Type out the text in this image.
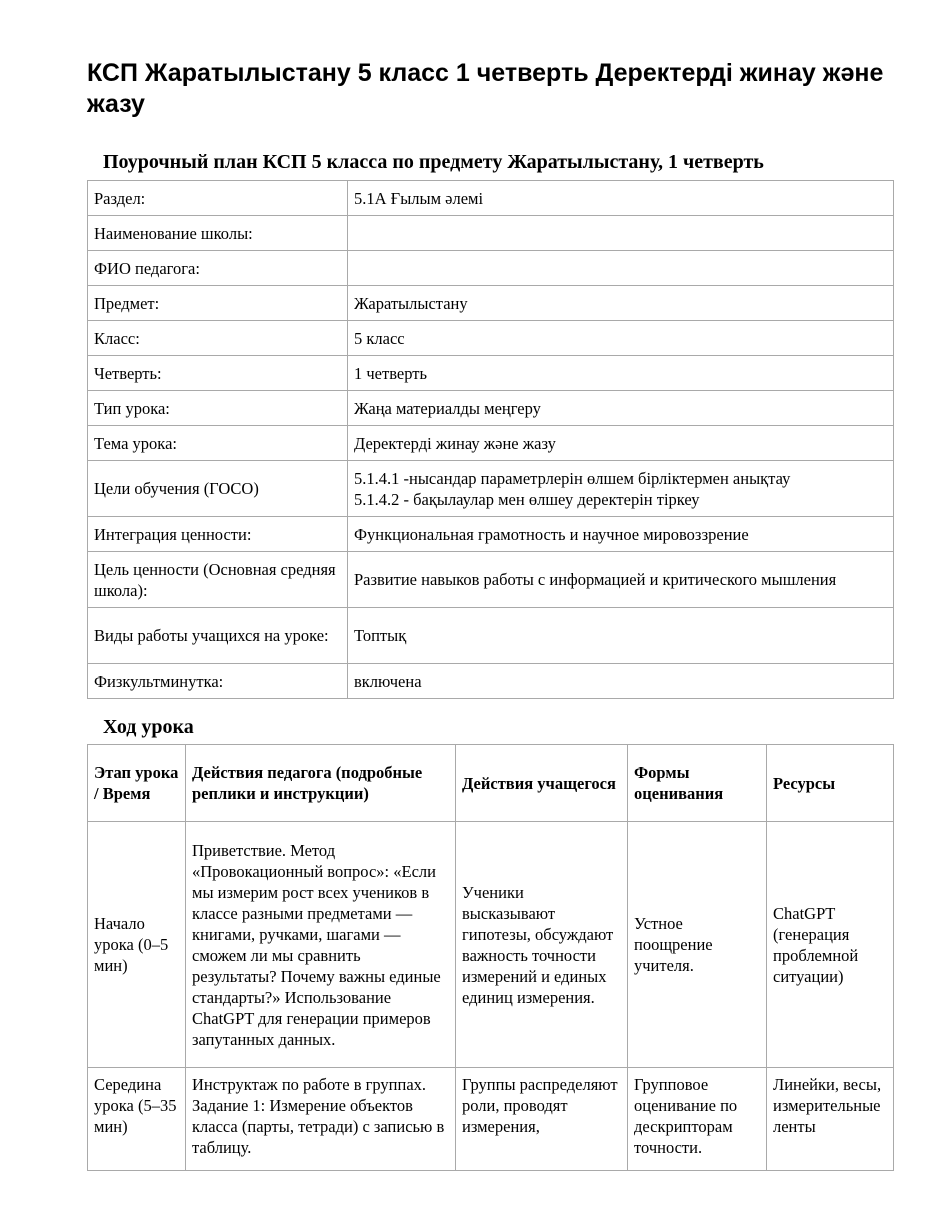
КСП Жаратылыстану 5 класс 1 четверть Деректерді жинау және жазу
Поурочный план КСП 5 класса по предмету Жаратылыстану, 1 четверть
Раздел:	5.1А Ғылым әлемі
Наименование школы:	
ФИО педагога:	
Предмет:	Жаратылыстану
Класс:	5 класс
Четверть:	1 четверть
Тип урока:	Жаңа материалды меңгеру
Тема урока:	Деректерді жинау және жазу
Цели обучения (ГОСО)	5.1.4.1 -нысандар параметрлерін өлшем бірліктермен анықтау
5.1.4.2 - бақылаулар мен өлшеу деректерін тіркеу

Интеграция ценности:	Функциональная грамотность и научное мировоззрение
Цель ценности (Основная средняя школа):	Развитие навыков работы с информацией и критического мышления
Виды работы учащихся на уроке:	Топтық
Физкультминутка:	включена
Ход урока
Этап урока / Время	Действия педагога (подробные реплики и инструкции)	Действия учащегося	Формы оценивания	Ресурсы
Начало урока (0–5 мин)	Приветствие. Метод «Провокационный вопрос»: «Если мы измерим рост всех учеников в классе разными предметами — книгами, ручками, шагами — сможем ли мы сравнить результаты? Почему важны единые стандарты?» Использование ChatGPT для генерации примеров запутанных данных.	Ученики высказывают гипотезы, обсуждают важность точности измерений и единых единиц измерения.	Устное поощрение учителя.	ChatGPT (генерация проблемной ситуации)
Середина урока (5–35 мин)	Инструктаж по работе в группах. Задание 1: Измерение объектов класса (парты, тетради) с записью в таблицу.	Группы распределяют роли, проводят измерения,	Групповое оценивание по дескрипторам точности.	Линейки, весы, измерительные ленты
